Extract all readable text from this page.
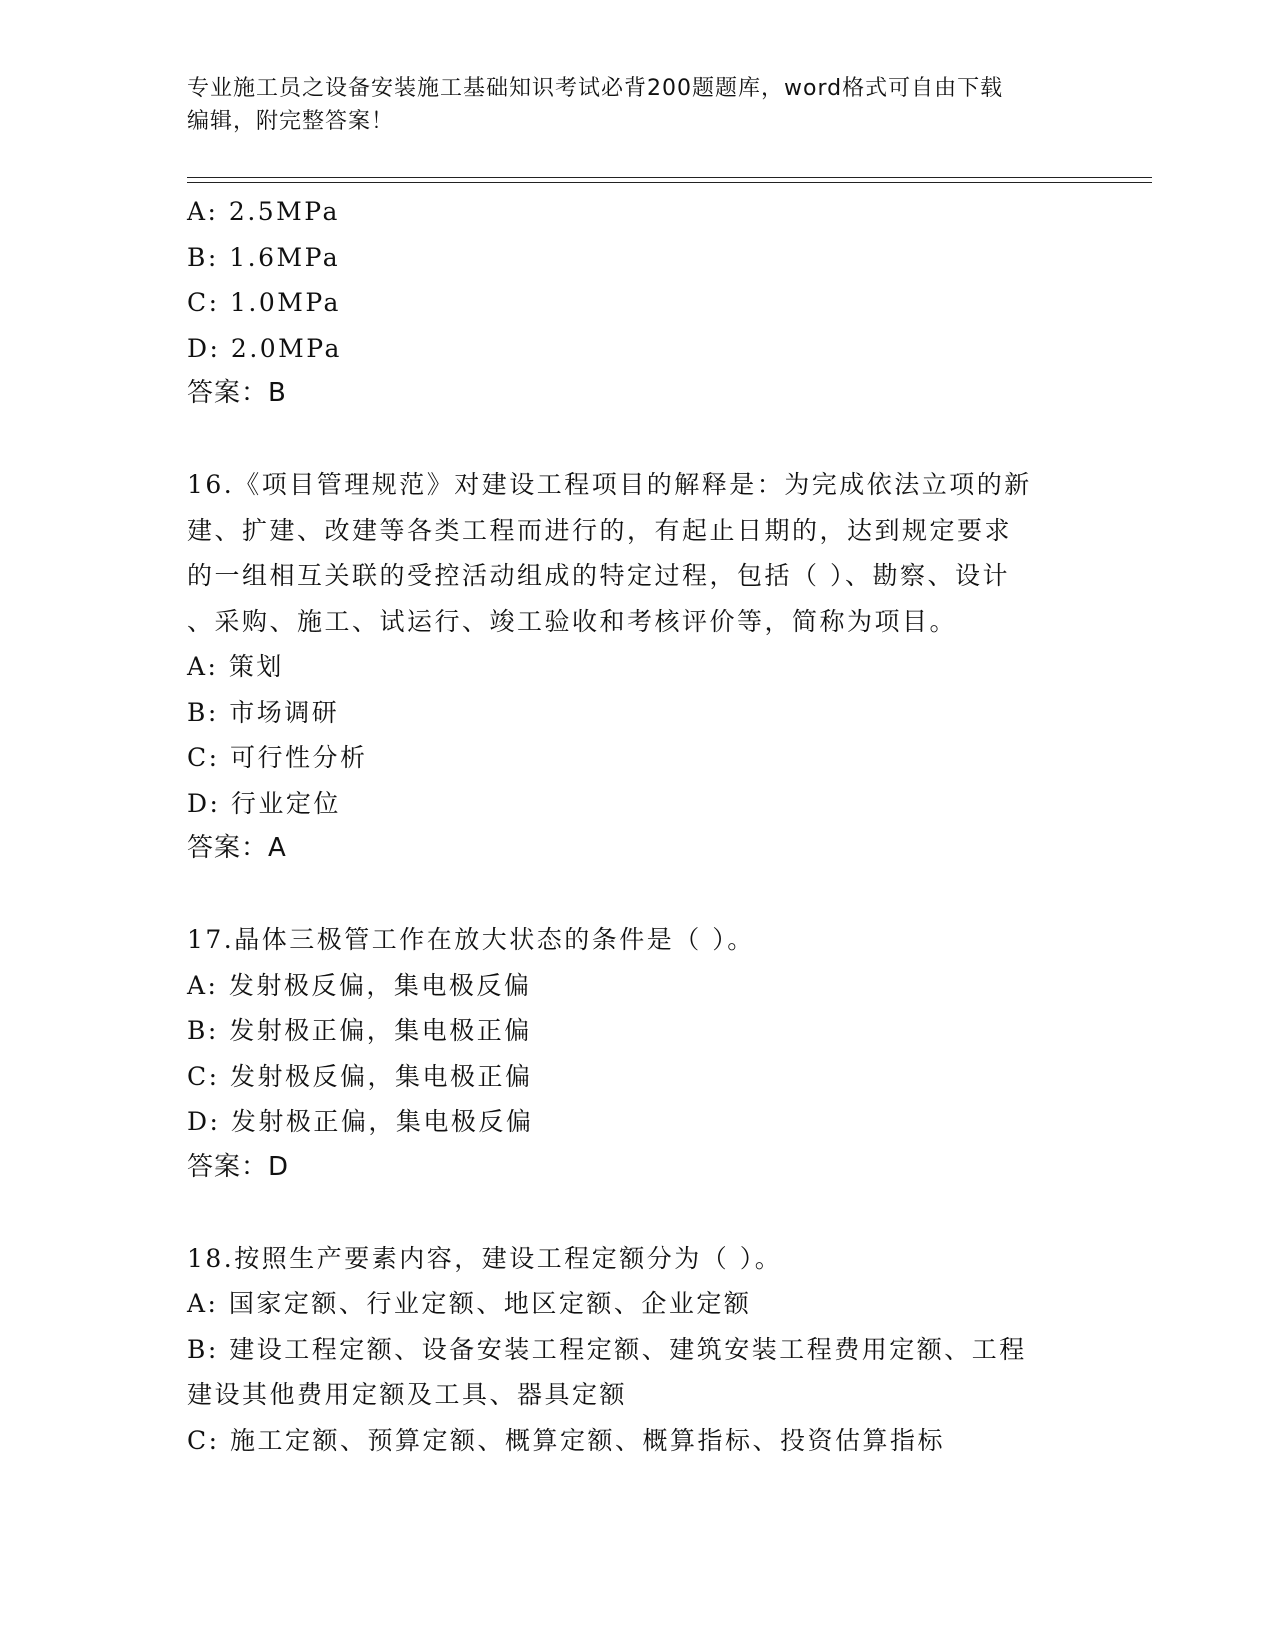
专业施工员之设备安装施工基础知识考试必背200题题库，word格式可自由下载
编辑，附完整答案！
A: 2.5MPa
B: 1.6MPa
C: 1.0MPa
D: 2.0MPa
答案：B
16.《项目管理规范》对建设工程项目的解释是：为完成依法立项的新
建、扩建、改建等各类工程而进行的，有起止日期的，达到规定要求
的一组相互关联的受控活动组成的特定过程，包括（ ）、勘察、设计
、采购、施工、试运行、竣工验收和考核评价等，简称为项目。
A: 策划
B: 市场调研
C: 可行性分析
D: 行业定位
答案：A
17.晶体三极管工作在放大状态的条件是（ ）。
A: 发射极反偏，集电极反偏
B: 发射极正偏，集电极正偏
C: 发射极反偏，集电极正偏
D: 发射极正偏，集电极反偏
答案：D
18.按照生产要素内容，建设工程定额分为（ ）。
A: 国家定额、行业定额、地区定额、企业定额
B: 建设工程定额、设备安装工程定额、建筑安装工程费用定额、工程
建设其他费用定额及工具、器具定额
C: 施工定额、预算定额、概算定额、概算指标、投资估算指标
